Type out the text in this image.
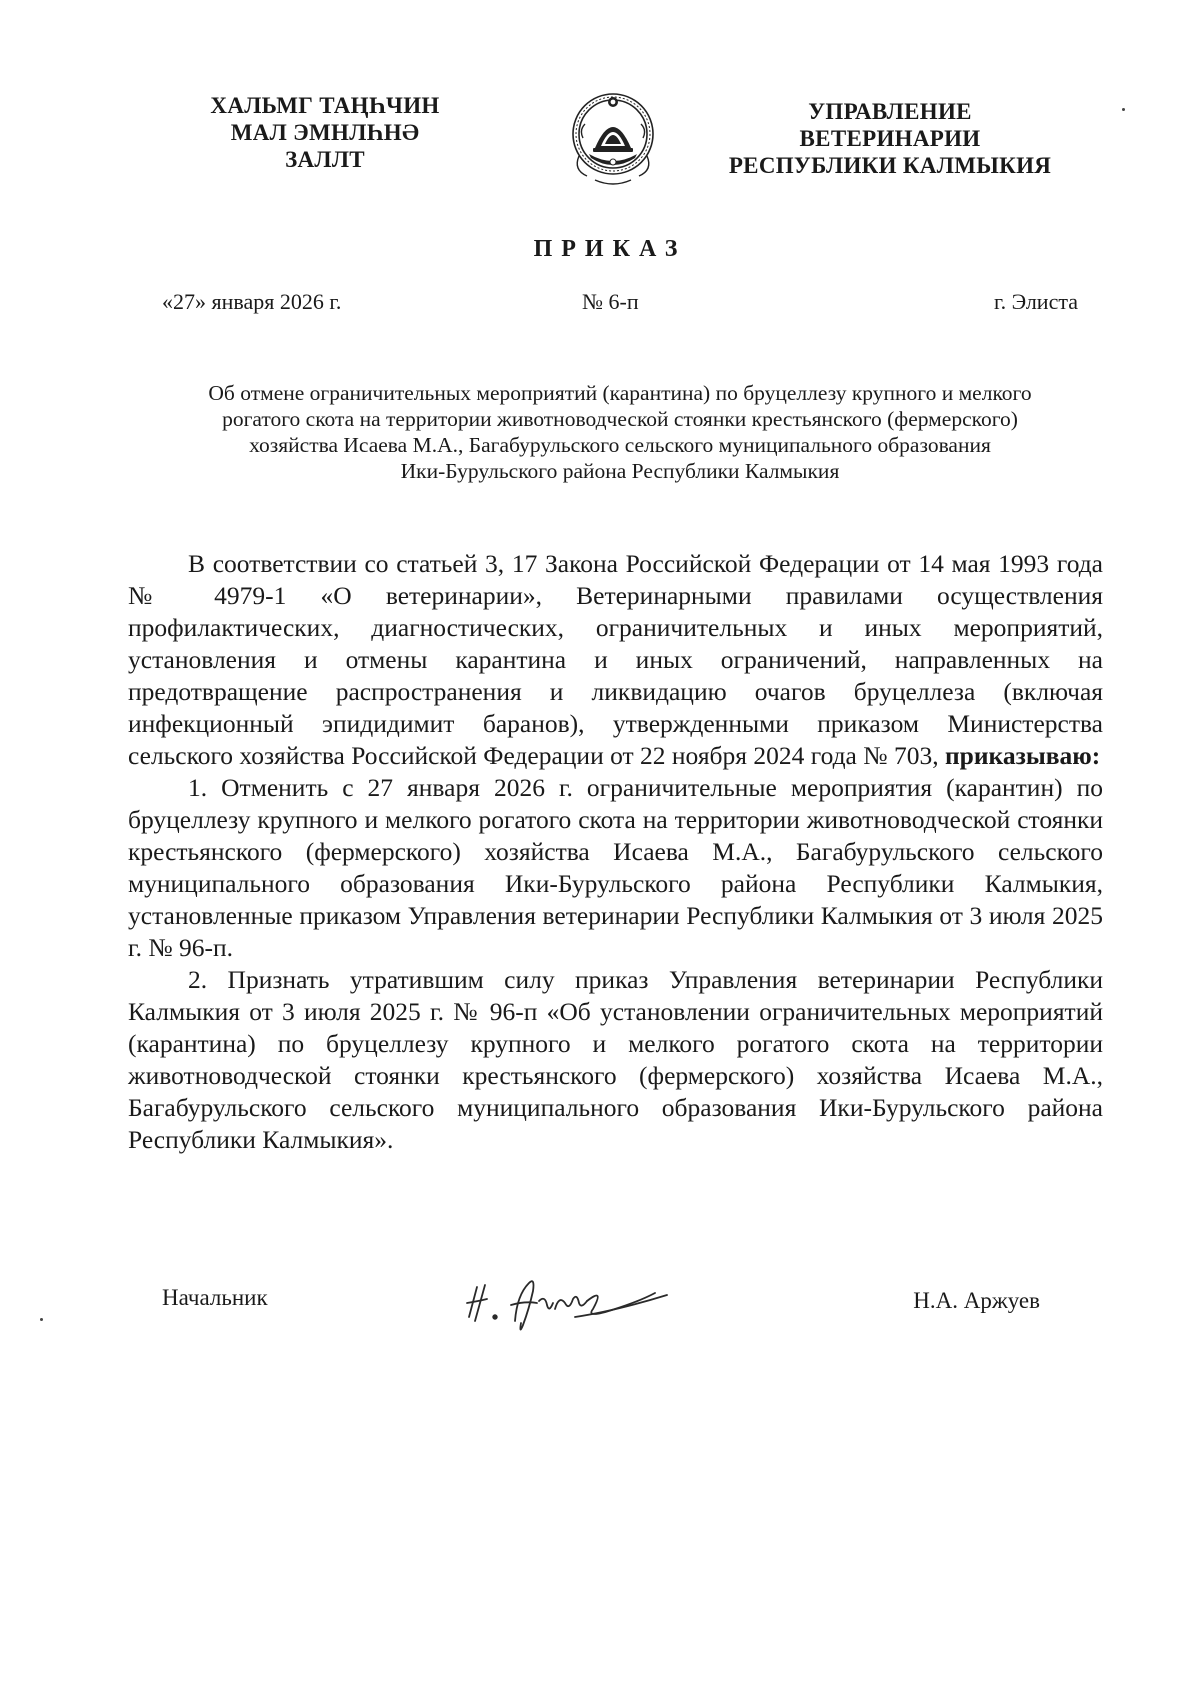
ХАЛЬМГ ТАҢҺЧИН
МАЛ ЭМНЛҺНӘ
ЗАЛЛТ
УПРАВЛЕНИЕ
ВЕТЕРИНАРИИ
РЕСПУБЛИКИ КАЛМЫКИЯ
ПРИКАЗ
«27» января 2026 г.	№ 6-п	г. Элиста
Об отмене ограничительных мероприятий (карантина) по бруцеллезу крупного и мелкого
рогатого скота на территории животноводческой стоянки крестьянского (фермерского)
хозяйства Исаева М.А., Багабурульского сельского муниципального образования
Ики-Бурульского района Республики Калмыкия

В соответствии со статьей 3, 17 Закона Российской Федерации от 14 мая 1993 года № 4979-1 «О ветеринарии», Ветеринарными правилами осуществления профилактических, диагностических, ограничительных и иных мероприятий, установления и отмены карантина и иных ограничений, направленных на предотвращение распространения и ликвидацию очагов бруцеллеза (включая инфекционный эпидидимит баранов), утвержденными приказом Министерства сельского хозяйства Российской Федерации от 22 ноября 2024 года № 703, приказываю:

1. Отменить с 27 января 2026 г. ограничительные мероприятия (карантин) по бруцеллезу крупного и мелкого рогатого скота на территории животноводческой стоянки крестьянского (фермерского) хозяйства Исаева М.А., Багабурульского сельского муниципального образования Ики-Бурульского района Республики Калмыкия, установленные приказом Управления ветеринарии Республики Калмыкия от 3 июля 2025 г. № 96-п.

2. Признать утратившим силу приказ Управления ветеринарии Республики Калмыкия от 3 июля 2025 г. № 96-п «Об установлении ограничительных мероприятий (карантина) по бруцеллезу крупного и мелкого рогатого скота на территории животноводческой стоянки крестьянского (фермерского) хозяйства Исаева М.А., Багабурульского сельского муниципального образования Ики-Бурульского района Республики Калмыкия».

Начальник	Н.А. Аржуев
